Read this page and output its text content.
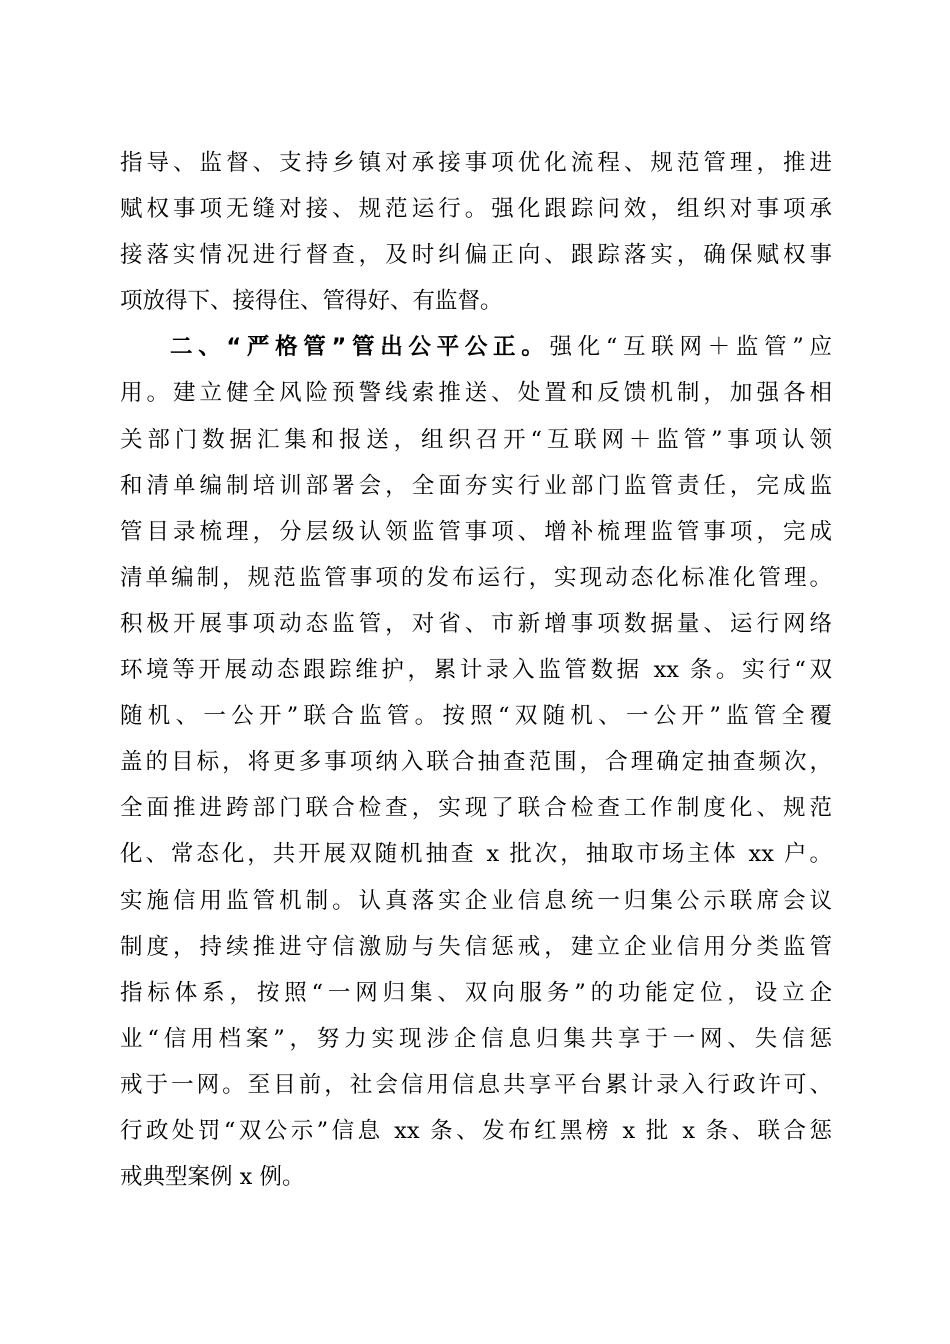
指导、监督、支持乡镇对承接事项优化流程、规范管理，推进
赋权事项无缝对接、规范运行。强化跟踪问效，组织对事项承
接落实情况进行督查，及时纠偏正向、跟踪落实，确保赋权事
项放得下、接得住、管得好、有监督。
二、“严格管”管出公平公正。强化“互联网＋监管”应
用。建立健全风险预警线索推送、处置和反馈机制，加强各相
关部门数据汇集和报送，组织召开“互联网＋监管”事项认领
和清单编制培训部署会，全面夯实行业部门监管责任，完成监
管目录梳理，分层级认领监管事项、增补梳理监管事项，完成
清单编制，规范监管事项的发布运行，实现动态化标准化管理。
积极开展事项动态监管，对省、市新增事项数据量、运行网络
环境等开展动态跟踪维护，累计录入监管数据 xx 条。实行“双
随机、一公开”联合监管。按照“双随机、一公开”监管全覆
盖的目标，将更多事项纳入联合抽查范围，合理确定抽查频次，
全面推进跨部门联合检查，实现了联合检查工作制度化、规范
化、常态化，共开展双随机抽查 x 批次，抽取市场主体 xx 户。
实施信用监管机制。认真落实企业信息统一归集公示联席会议
制度，持续推进守信激励与失信惩戒，建立企业信用分类监管
指标体系，按照“一网归集、双向服务”的功能定位，设立企
业“信用档案”，努力实现涉企信息归集共享于一网、失信惩
戒于一网。至目前，社会信用信息共享平台累计录入行政许可、
行政处罚“双公示”信息 xx 条、发布红黑榜 x 批 x 条、联合惩
戒典型案例 x 例。
